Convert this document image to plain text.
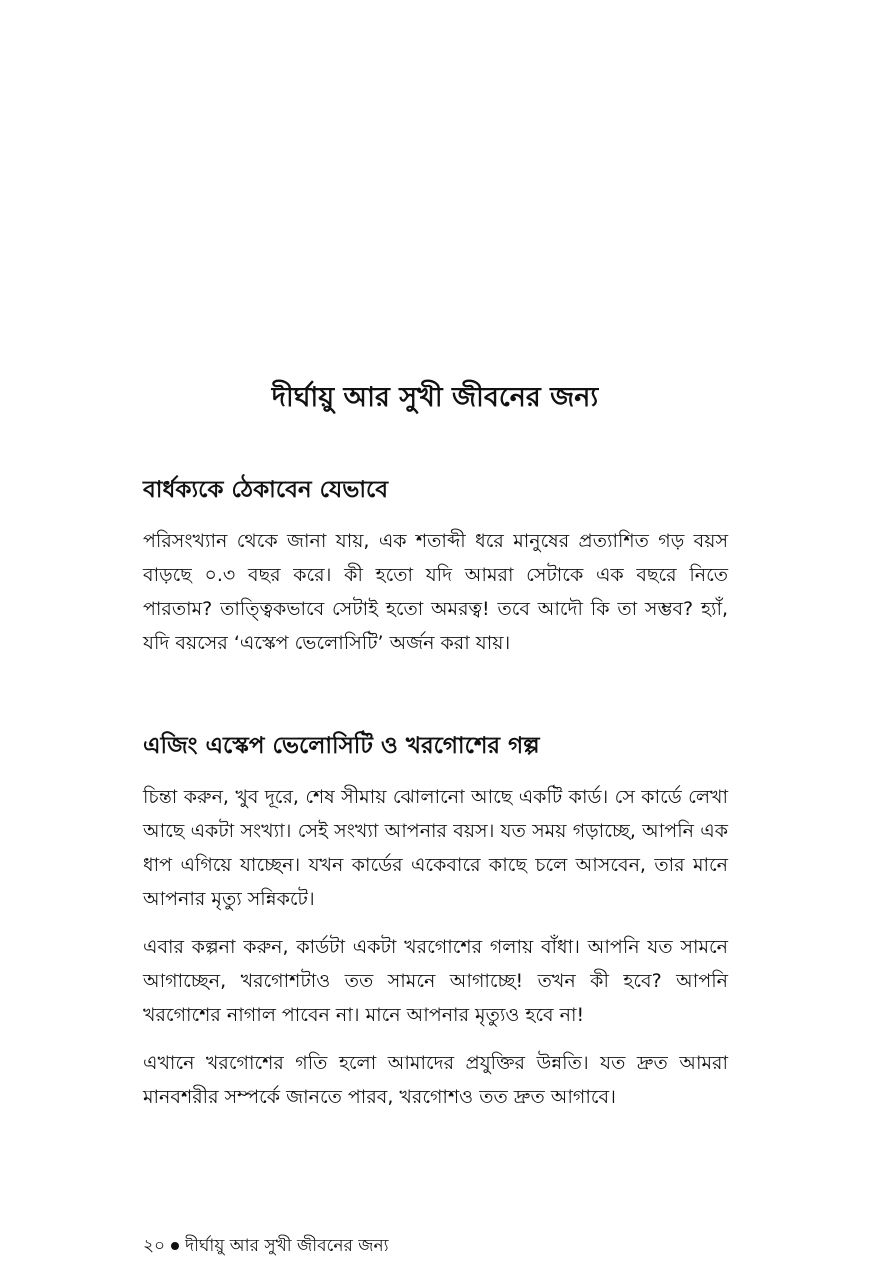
দীর্ঘায়ু আর সুখী জীবনের জন্য
বার্ধক্যকে ঠেকাবেন যেভাবে

পরিসংখ্যান থেকে জানা যায়, এক শতাব্দী ধরে মানুষের প্রত্যাশিত গড় বয়স বাড়ছে ০.৩ বছর করে। কী হতো যদি আমরা সেটাকে এক বছরে নিতে পারতাম? তাত্ত্বিকভাবে সেটাই হতো অমরত্ব! তবে আদৌ কি তা সম্ভব? হ্যাঁ, যদি বয়সের ‘এস্কেপ ভেলোসিটি’ অর্জন করা যায়।

এজিং এস্কেপ ভেলোসিটি ও খরগোশের গল্প

চিন্তা করুন, খুব দূরে, শেষ সীমায় ঝোলানো আছে একটি কার্ড। সে কার্ডে লেখা আছে একটা সংখ্যা। সেই সংখ্যা আপনার বয়স। যত সময় গড়াচ্ছে, আপনি এক ধাপ এগিয়ে যাচ্ছেন। যখন কার্ডের একেবারে কাছে চলে আসবেন, তার মানে আপনার মৃত্যু সন্নিকটে।

এবার কল্পনা করুন, কার্ডটা একটা খরগোশের গলায় বাঁধা। আপনি যত সামনে আগাচ্ছেন, খরগোশটাও তত সামনে আগাচ্ছে! তখন কী হবে? আপনি খরগোশের নাগাল পাবেন না। মানে আপনার মৃত্যুও হবে না!

এখানে খরগোশের গতি হলো আমাদের প্রযুক্তির উন্নতি। যত দ্রুত আমরা মানবশরীর সম্পর্কে জানতে পারব, খরগোশও তত দ্রুত আগাবে।

২০ দীর্ঘায়ু আর সুখী জীবনের জন্য
